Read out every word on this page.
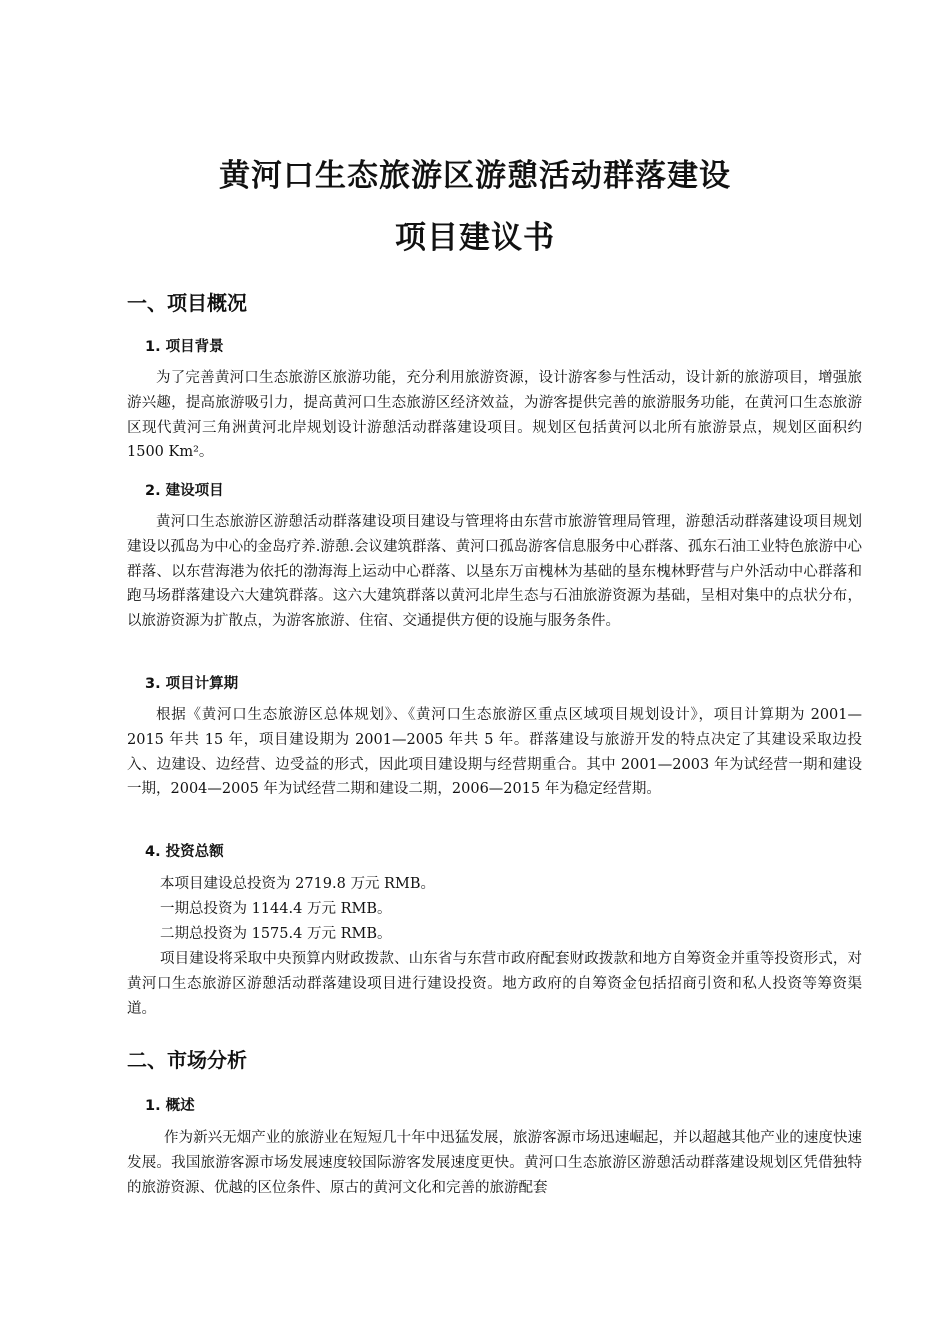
黄河口生态旅游区游憩活动群落建设
项目建议书
一、项目概况
1. 项目背景

为了完善黄河口生态旅游区旅游功能，充分利用旅游资源，设计游客参与性活动，设计新的旅游项目，增强旅游兴趣，提高旅游吸引力，提高黄河口生态旅游区经济效益，为游客提供完善的旅游服务功能，在黄河口生态旅游区现代黄河三角洲黄河北岸规划设计游憩活动群落建设项目。规划区包括黄河以北所有旅游景点，规划区面积约 1500 Km²。

2. 建设项目

黄河口生态旅游区游憩活动群落建设项目建设与管理将由东营市旅游管理局管理，游憩活动群落建设项目规划建设以孤岛为中心的金岛疗养.游憩.会议建筑群落、黄河口孤岛游客信息服务中心群落、孤东石油工业特色旅游中心群落、以东营海港为依托的渤海海上运动中心群落、以垦东万亩槐林为基础的垦东槐林野营与户外活动中心群落和跑马场群落建设六大建筑群落。这六大建筑群落以黄河北岸生态与石油旅游资源为基础，呈相对集中的点状分布，以旅游资源为扩散点，为游客旅游、住宿、交通提供方便的设施与服务条件。

3. 项目计算期

根据《黄河口生态旅游区总体规划》、《黄河口生态旅游区重点区域项目规划设计》，项目计算期为 2001—2015 年共 15 年，项目建设期为 2001—2005 年共 5 年。群落建设与旅游开发的特点决定了其建设采取边投入、边建设、边经营、边受益的形式，因此项目建设期与经营期重合。其中 2001—2003 年为试经营一期和建设一期，2004—2005 年为试经营二期和建设二期，2006—2015 年为稳定经营期。

4. 投资总额
本项目建设总投资为 2719.8 万元 RMB。
一期总投资为 1144.4 万元 RMB。
二期总投资为 1575.4 万元 RMB。

项目建设将采取中央预算内财政拨款、山东省与东营市政府配套财政拨款和地方自筹资金并重等投资形式，对黄河口生态旅游区游憩活动群落建设项目进行建设投资。地方政府的自筹资金包括招商引资和私人投资等筹资渠道。

二、市场分析
1. 概述

作为新兴无烟产业的旅游业在短短几十年中迅猛发展，旅游客源市场迅速崛起，并以超越其他产业的速度快速发展。我国旅游客源市场发展速度较国际游客发展速度更快。黄河口生态旅游区游憩活动群落建设规划区凭借独特的旅游资源、优越的区位条件、原古的黄河文化和完善的旅游配套
